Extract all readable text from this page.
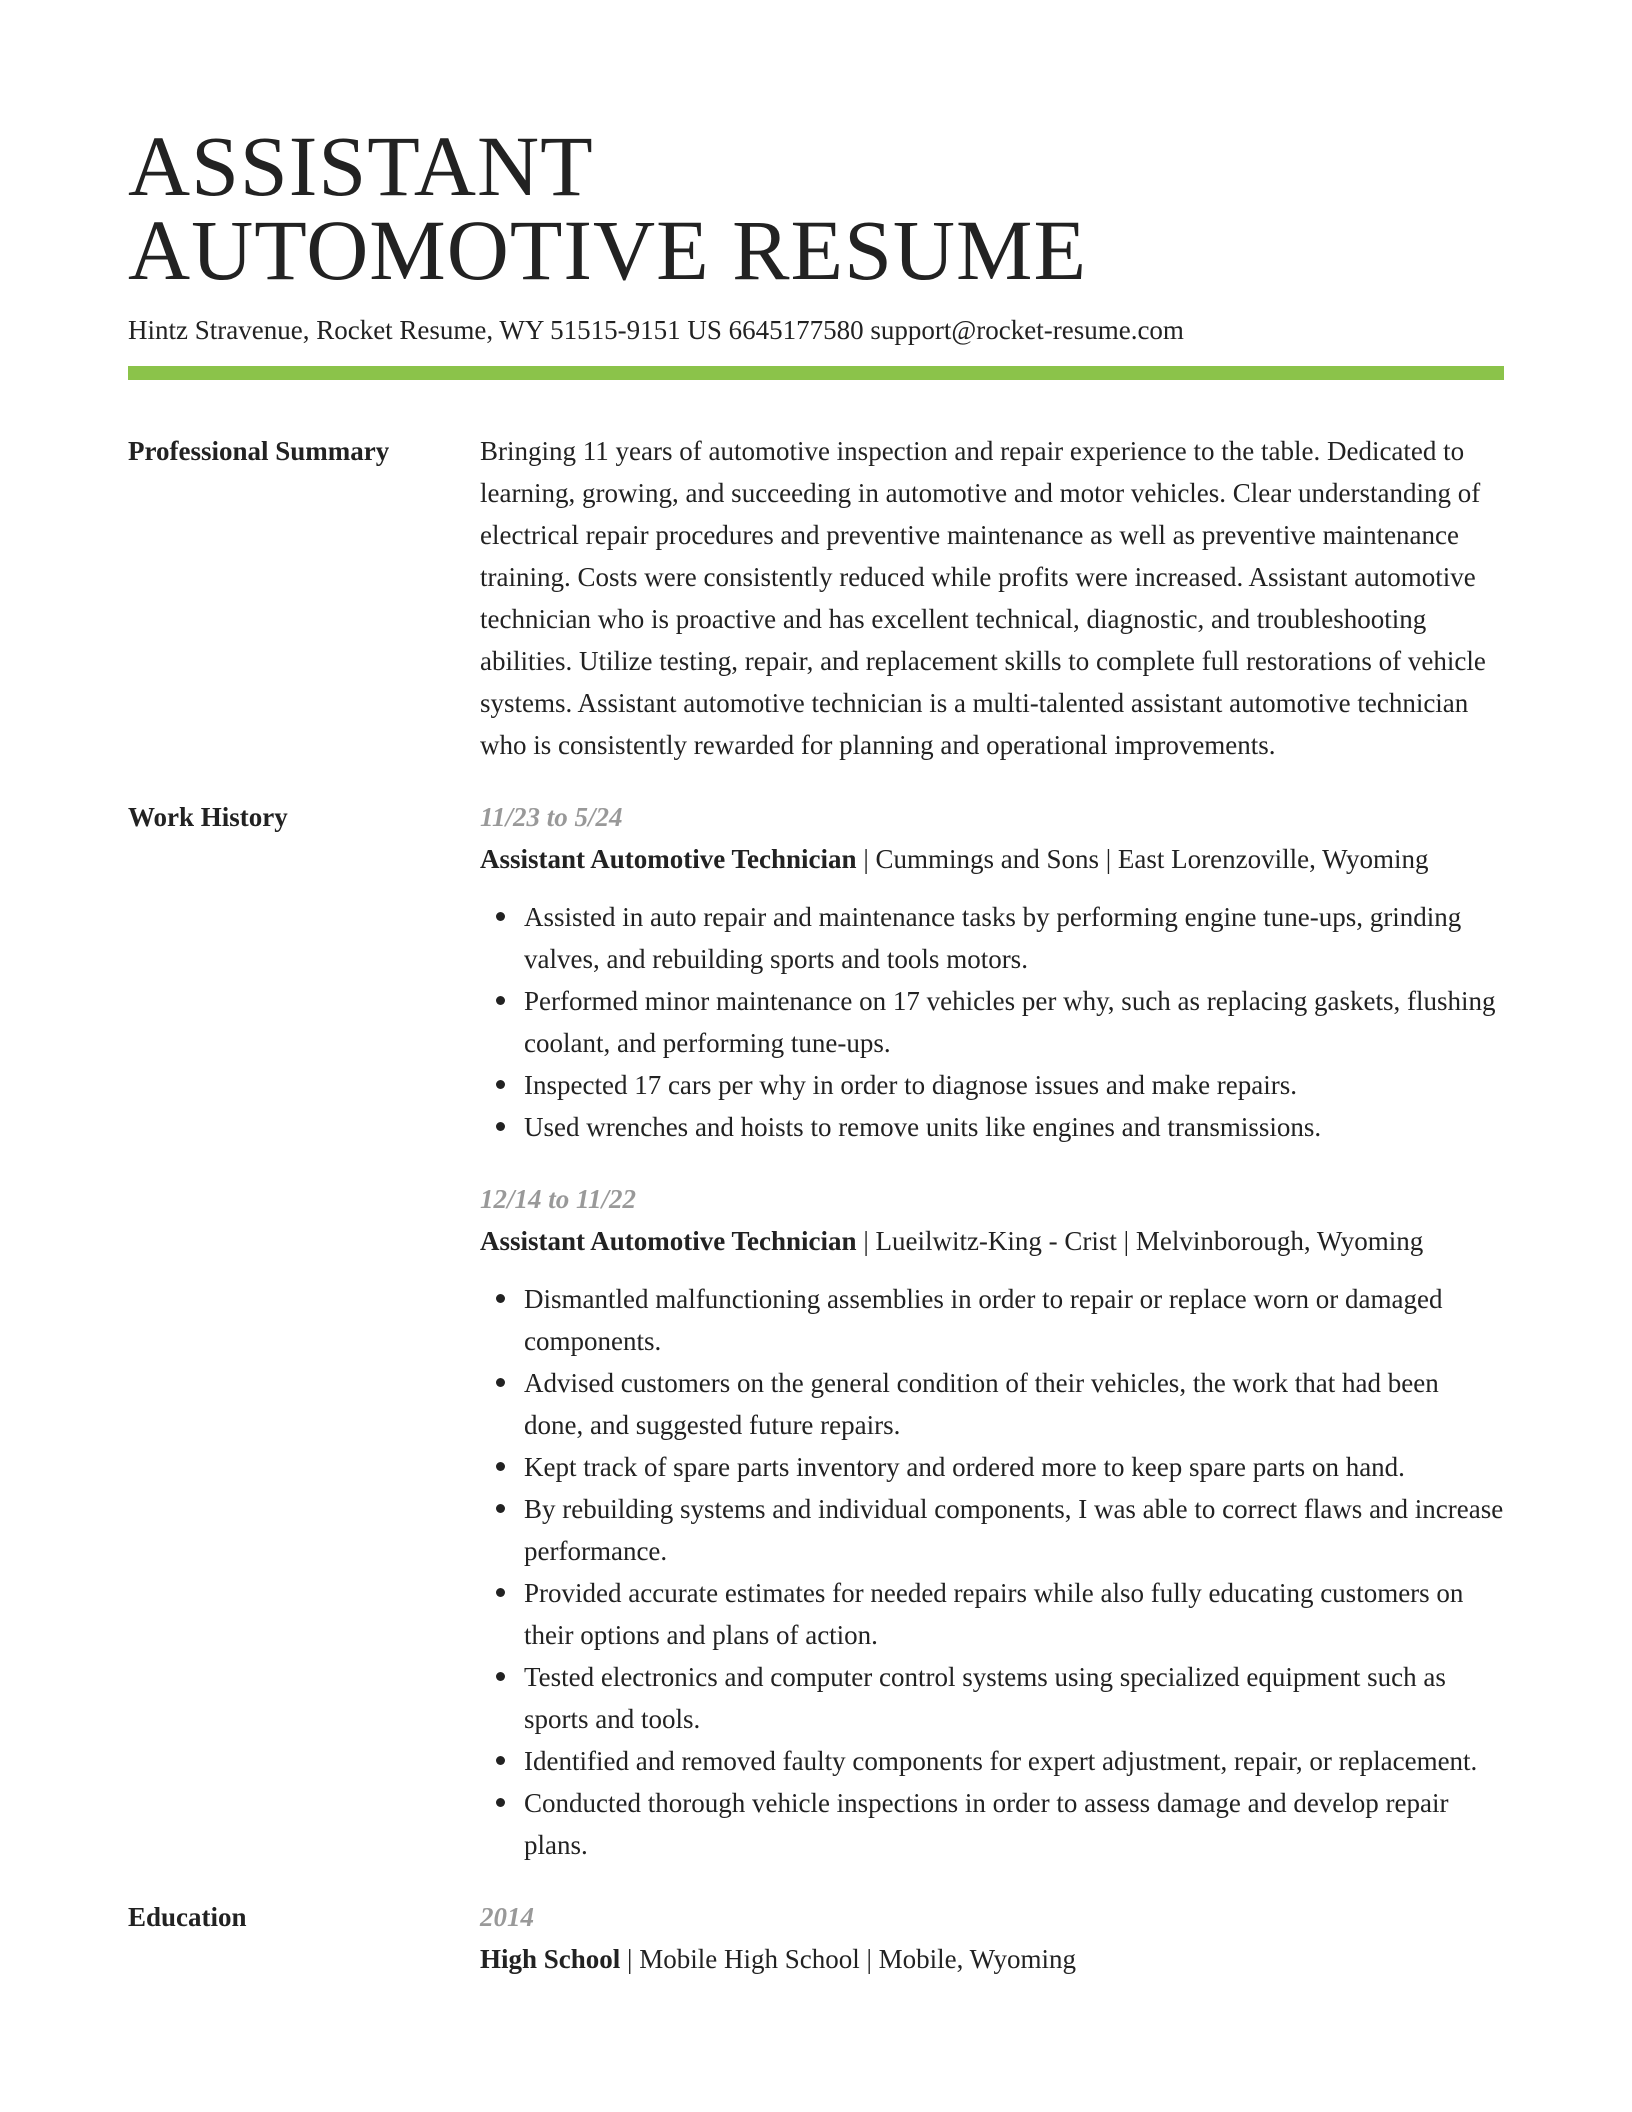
ASSISTANT
AUTOMOTIVE RESUME
Hintz Stravenue, Rocket Resume, WY 51515-9151 US 6645177580 support@rocket-resume.com
Professional Summary	Bringing 11 years of automotive inspection and repair experience to the table. Dedicated to learning, growing, and succeeding in automotive and motor vehicles. Clear understanding of electrical repair procedures and preventive maintenance as well as preventive maintenance training. Costs were consistently reduced while profits were increased. Assistant automotive technician who is proactive and has excellent technical, diagnostic, and troubleshooting abilities. Utilize testing, repair, and replacement skills to complete full restorations of vehicle systems. Assistant automotive technician is a multi-talented assistant automotive technician who is consistently rewarded for planning and operational improvements.
Work History	11/23 to 5/24
Assistant Automotive Technician | Cummings and Sons | East Lorenzoville, Wyoming
Assisted in auto repair and maintenance tasks by performing engine tune-ups, grinding valves, and rebuilding sports and tools motors.
Performed minor maintenance on 17 vehicles per why, such as replacing gaskets, flushing coolant, and performing tune-ups.
Inspected 17 cars per why in order to diagnose issues and make repairs.
Used wrenches and hoists to remove units like engines and transmissions.
12/14 to 11/22
Assistant Automotive Technician | Lueilwitz-King - Crist | Melvinborough, Wyoming
Dismantled malfunctioning assemblies in order to repair or replace worn or damaged components.
Advised customers on the general condition of their vehicles, the work that had been done, and suggested future repairs.
Kept track of spare parts inventory and ordered more to keep spare parts on hand.
By rebuilding systems and individual components, I was able to correct flaws and increase performance.
Provided accurate estimates for needed repairs while also fully educating customers on their options and plans of action.
Tested electronics and computer control systems using specialized equipment such as sports and tools.
Identified and removed faulty components for expert adjustment, repair, or replacement.
Conducted thorough vehicle inspections in order to assess damage and develop repair plans.
Education	2014
High School | Mobile High School | Mobile, Wyoming
